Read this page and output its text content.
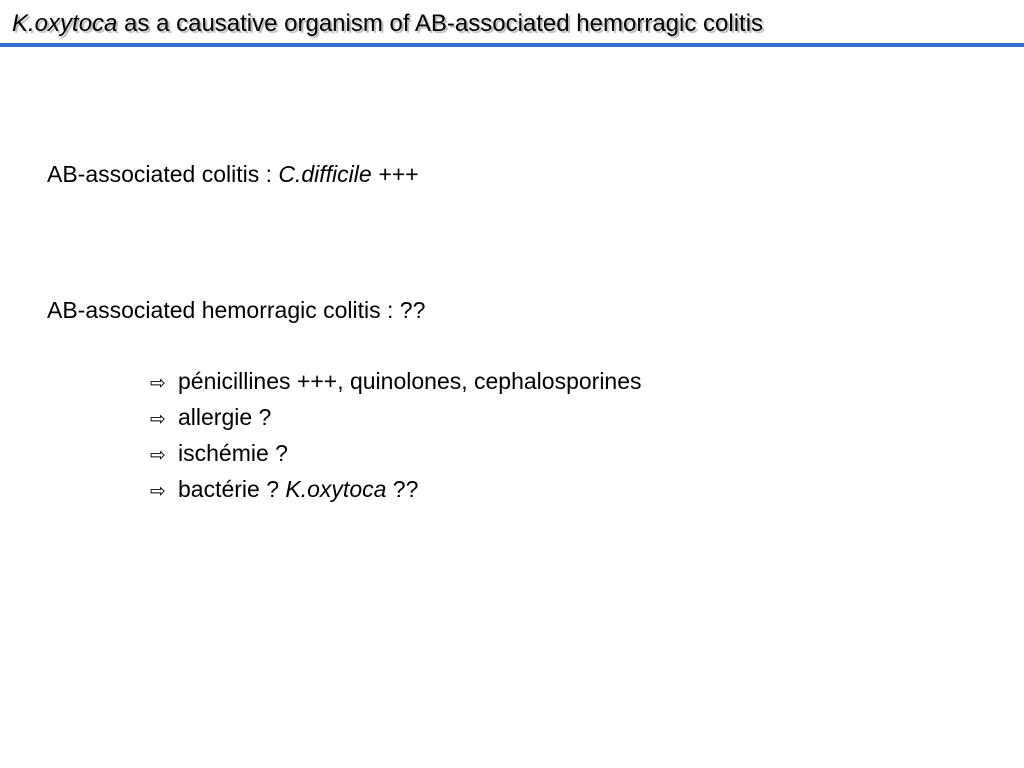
K.oxytoca as a causative organism of AB-associated hemorragic colitis
AB-associated colitis : C.difficile +++
AB-associated hemorragic colitis : ??
⇨ pénicillines +++, quinolones, cephalosporines
⇨ allergie ?
⇨ ischémie ?
⇨ bactérie ? K.oxytoca ??
